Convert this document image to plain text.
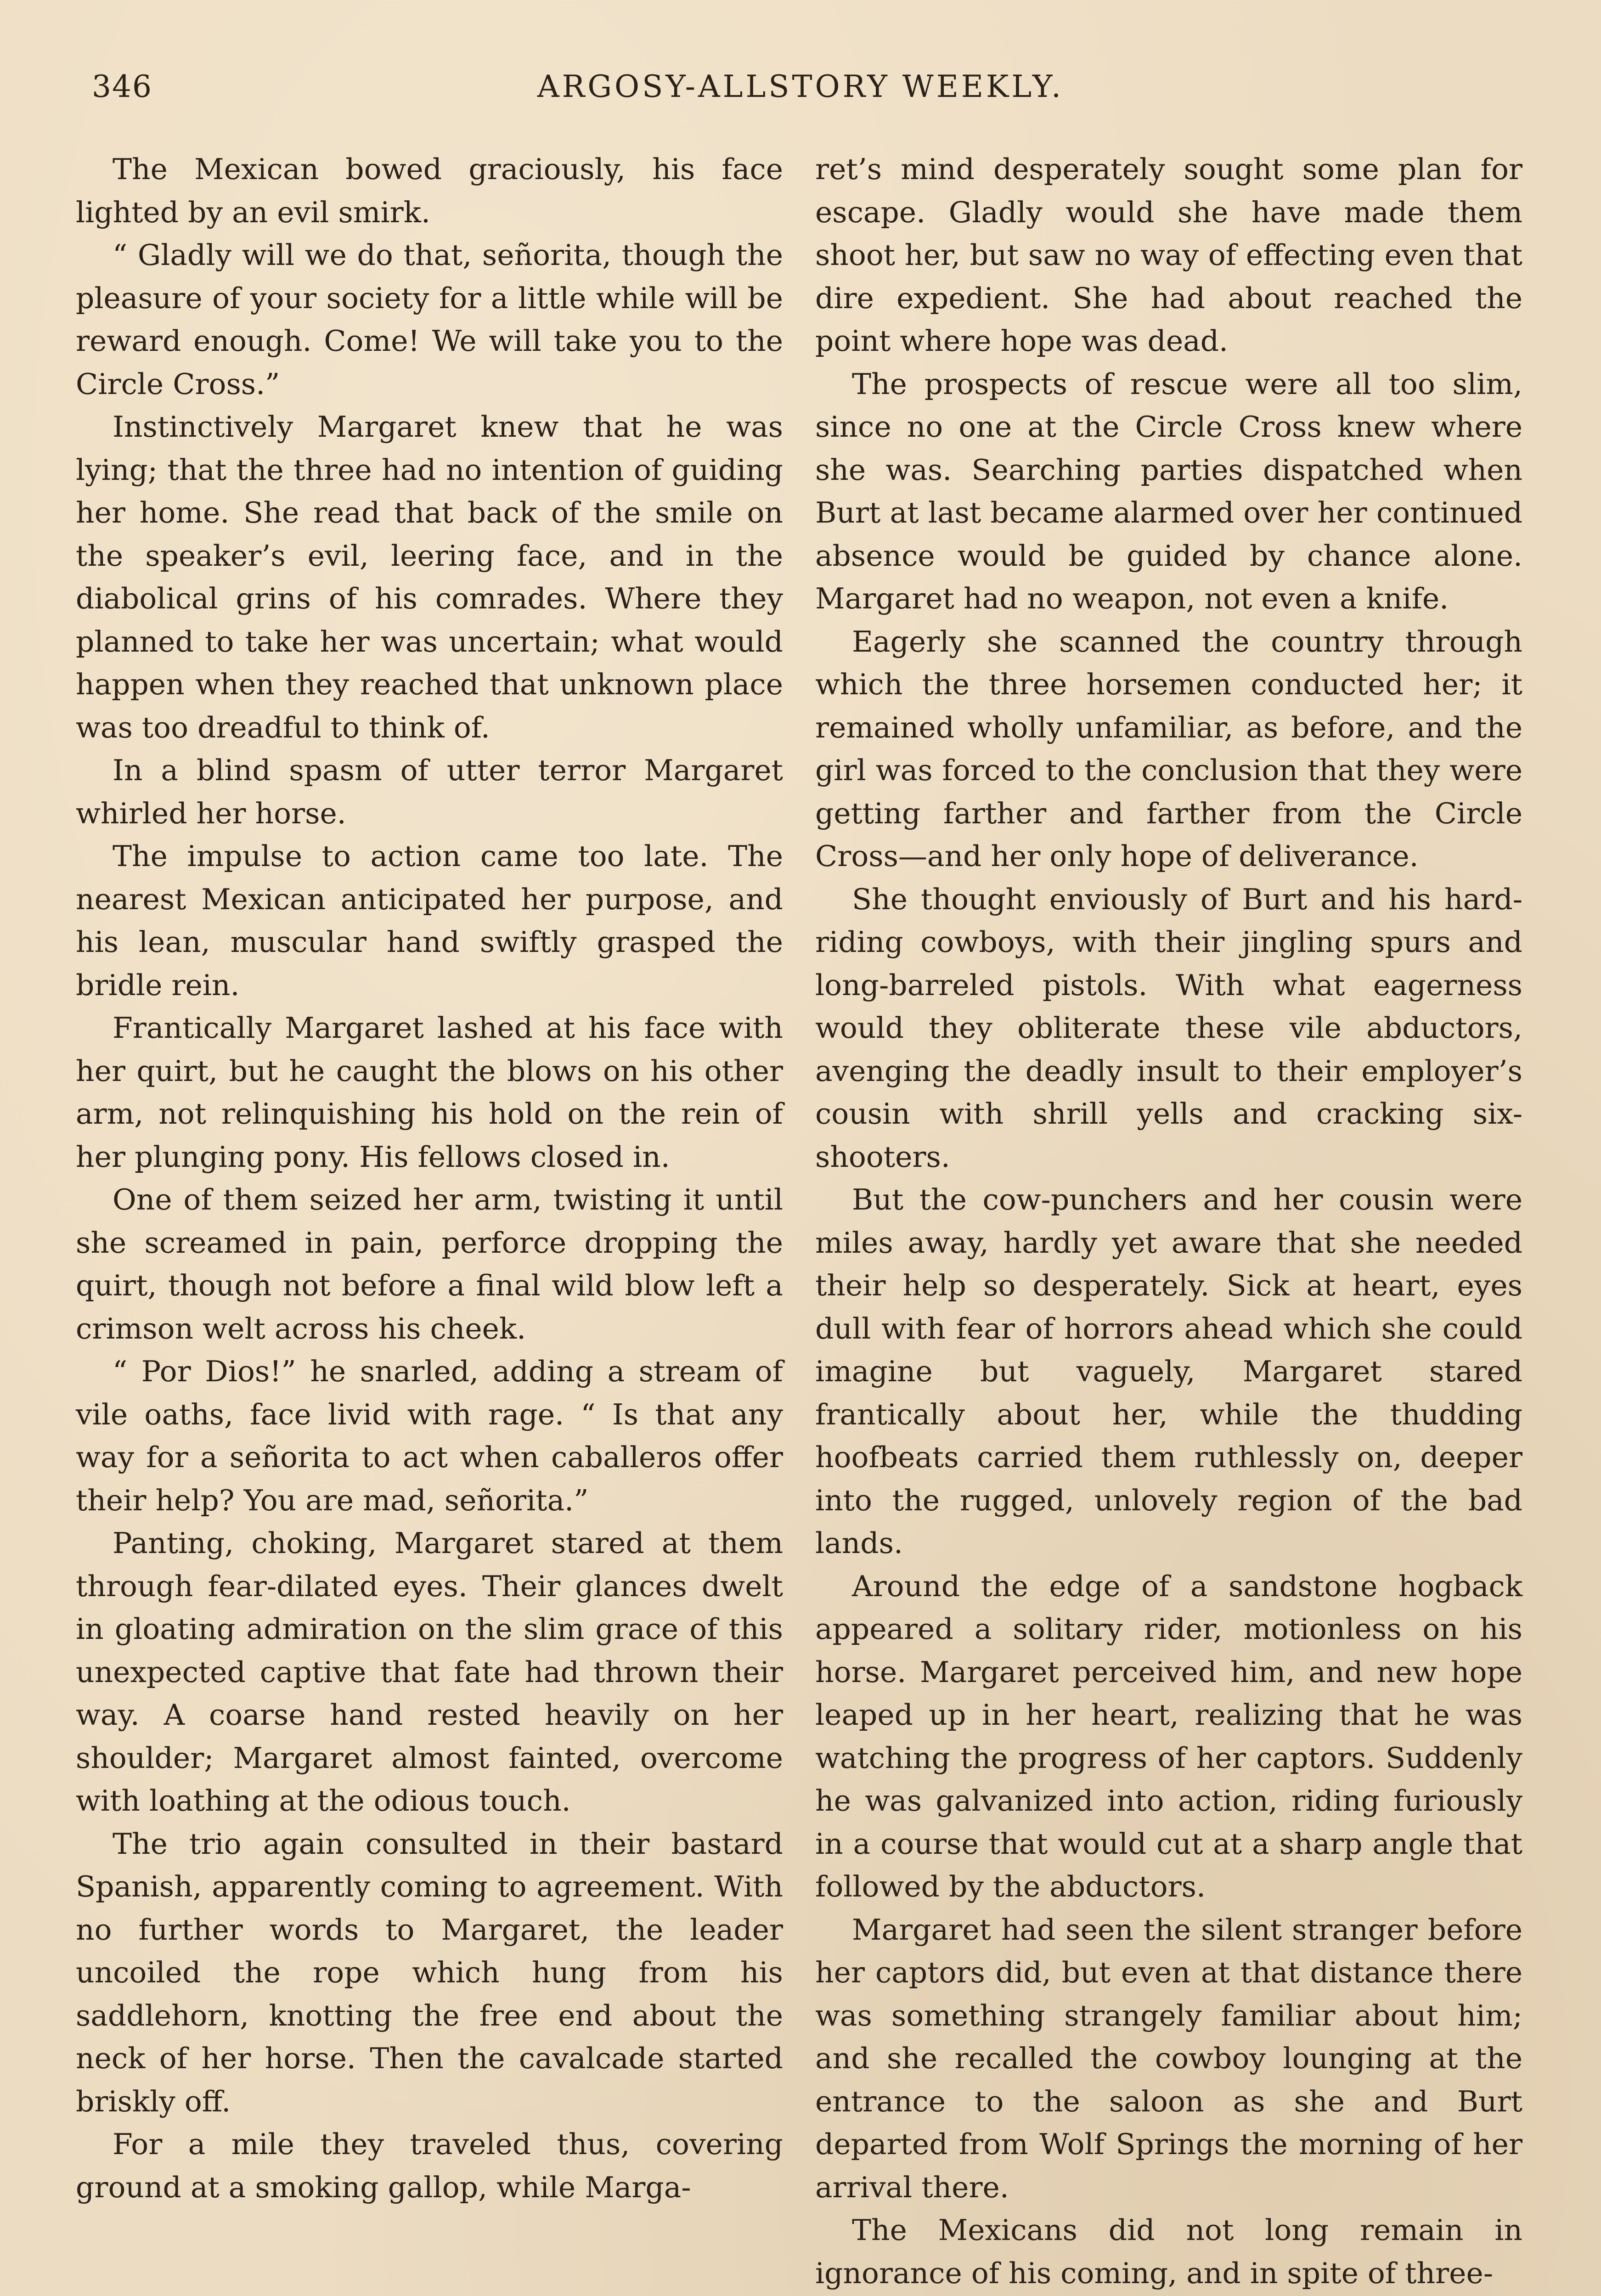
346	ARGOSY-ALLSTORY WEEKLY.

The Mexican bowed graciously, his face lighted by an evil smirk.

“ Gladly will we do that, señorita, though the pleasure of your society for a little while will be reward enough. Come! We will take you to the Circle Cross.”

Instinctively Margaret knew that he was lying; that the three had no intention of guiding her home. She read that back of the smile on the speaker’s evil, leering face, and in the diabolical grins of his comrades. Where they planned to take her was uncertain; what would happen when they reached that unknown place was too dreadful to think of.

In a blind spasm of utter terror Margaret whirled her horse.

The impulse to action came too late. The nearest Mexican anticipated her purpose, and his lean, muscular hand swiftly grasped the bridle rein.

Frantically Margaret lashed at his face with her quirt, but he caught the blows on his other arm, not relinquishing his hold on the rein of her plunging pony. His fellows closed in.

One of them seized her arm, twisting it until she screamed in pain, perforce dropping the quirt, though not before a final wild blow left a crimson welt across his cheek.

“ Por Dios!” he snarled, adding a stream of vile oaths, face livid with rage. “ Is that any way for a señorita to act when caballeros offer their help? You are mad, señorita.”

Panting, choking, Margaret stared at them through fear-dilated eyes. Their glances dwelt in gloating admiration on the slim grace of this unexpected captive that fate had thrown their way. A coarse hand rested heavily on her shoulder; Margaret almost fainted, overcome with loathing at the odious touch.

The trio again consulted in their bastard Spanish, apparently coming to agreement. With no further words to Margaret, the leader uncoiled the rope which hung from his saddlehorn, knotting the free end about the neck of her horse. Then the cavalcade started briskly off.

For a mile they traveled thus, covering ground at a smoking gallop, while Marga-

ret’s mind desperately sought some plan for escape. Gladly would she have made them shoot her, but saw no way of effecting even that dire expedient. She had about reached the point where hope was dead.

The prospects of rescue were all too slim, since no one at the Circle Cross knew where she was. Searching parties dispatched when Burt at last became alarmed over her continued absence would be guided by chance alone. Margaret had no weapon, not even a knife.

Eagerly she scanned the country through which the three horsemen conducted her; it remained wholly unfamiliar, as before, and the girl was forced to the conclusion that they were getting farther and farther from the Circle Cross—and her only hope of deliverance.

She thought enviously of Burt and his hard-riding cowboys, with their jingling spurs and long-barreled pistols. With what eagerness would they obliterate these vile abductors, avenging the deadly insult to their employer’s cousin with shrill yells and cracking six-shooters.

But the cow-punchers and her cousin were miles away, hardly yet aware that she needed their help so desperately. Sick at heart, eyes dull with fear of horrors ahead which she could imagine but vaguely, Margaret stared frantically about her, while the thudding hoofbeats carried them ruthlessly on, deeper into the rugged, unlovely region of the bad lands.

Around the edge of a sandstone hogback appeared a solitary rider, motionless on his horse. Margaret perceived him, and new hope leaped up in her heart, realizing that he was watching the progress of her captors. Suddenly he was galvanized into action, riding furiously in a course that would cut at a sharp angle that followed by the abductors.

Margaret had seen the silent stranger before her captors did, but even at that distance there was something strangely familiar about him; and she recalled the cowboy lounging at the entrance to the saloon as she and Burt departed from Wolf Springs the morning of her arrival there.

The Mexicans did not long remain in ignorance of his coming, and in spite of three-
